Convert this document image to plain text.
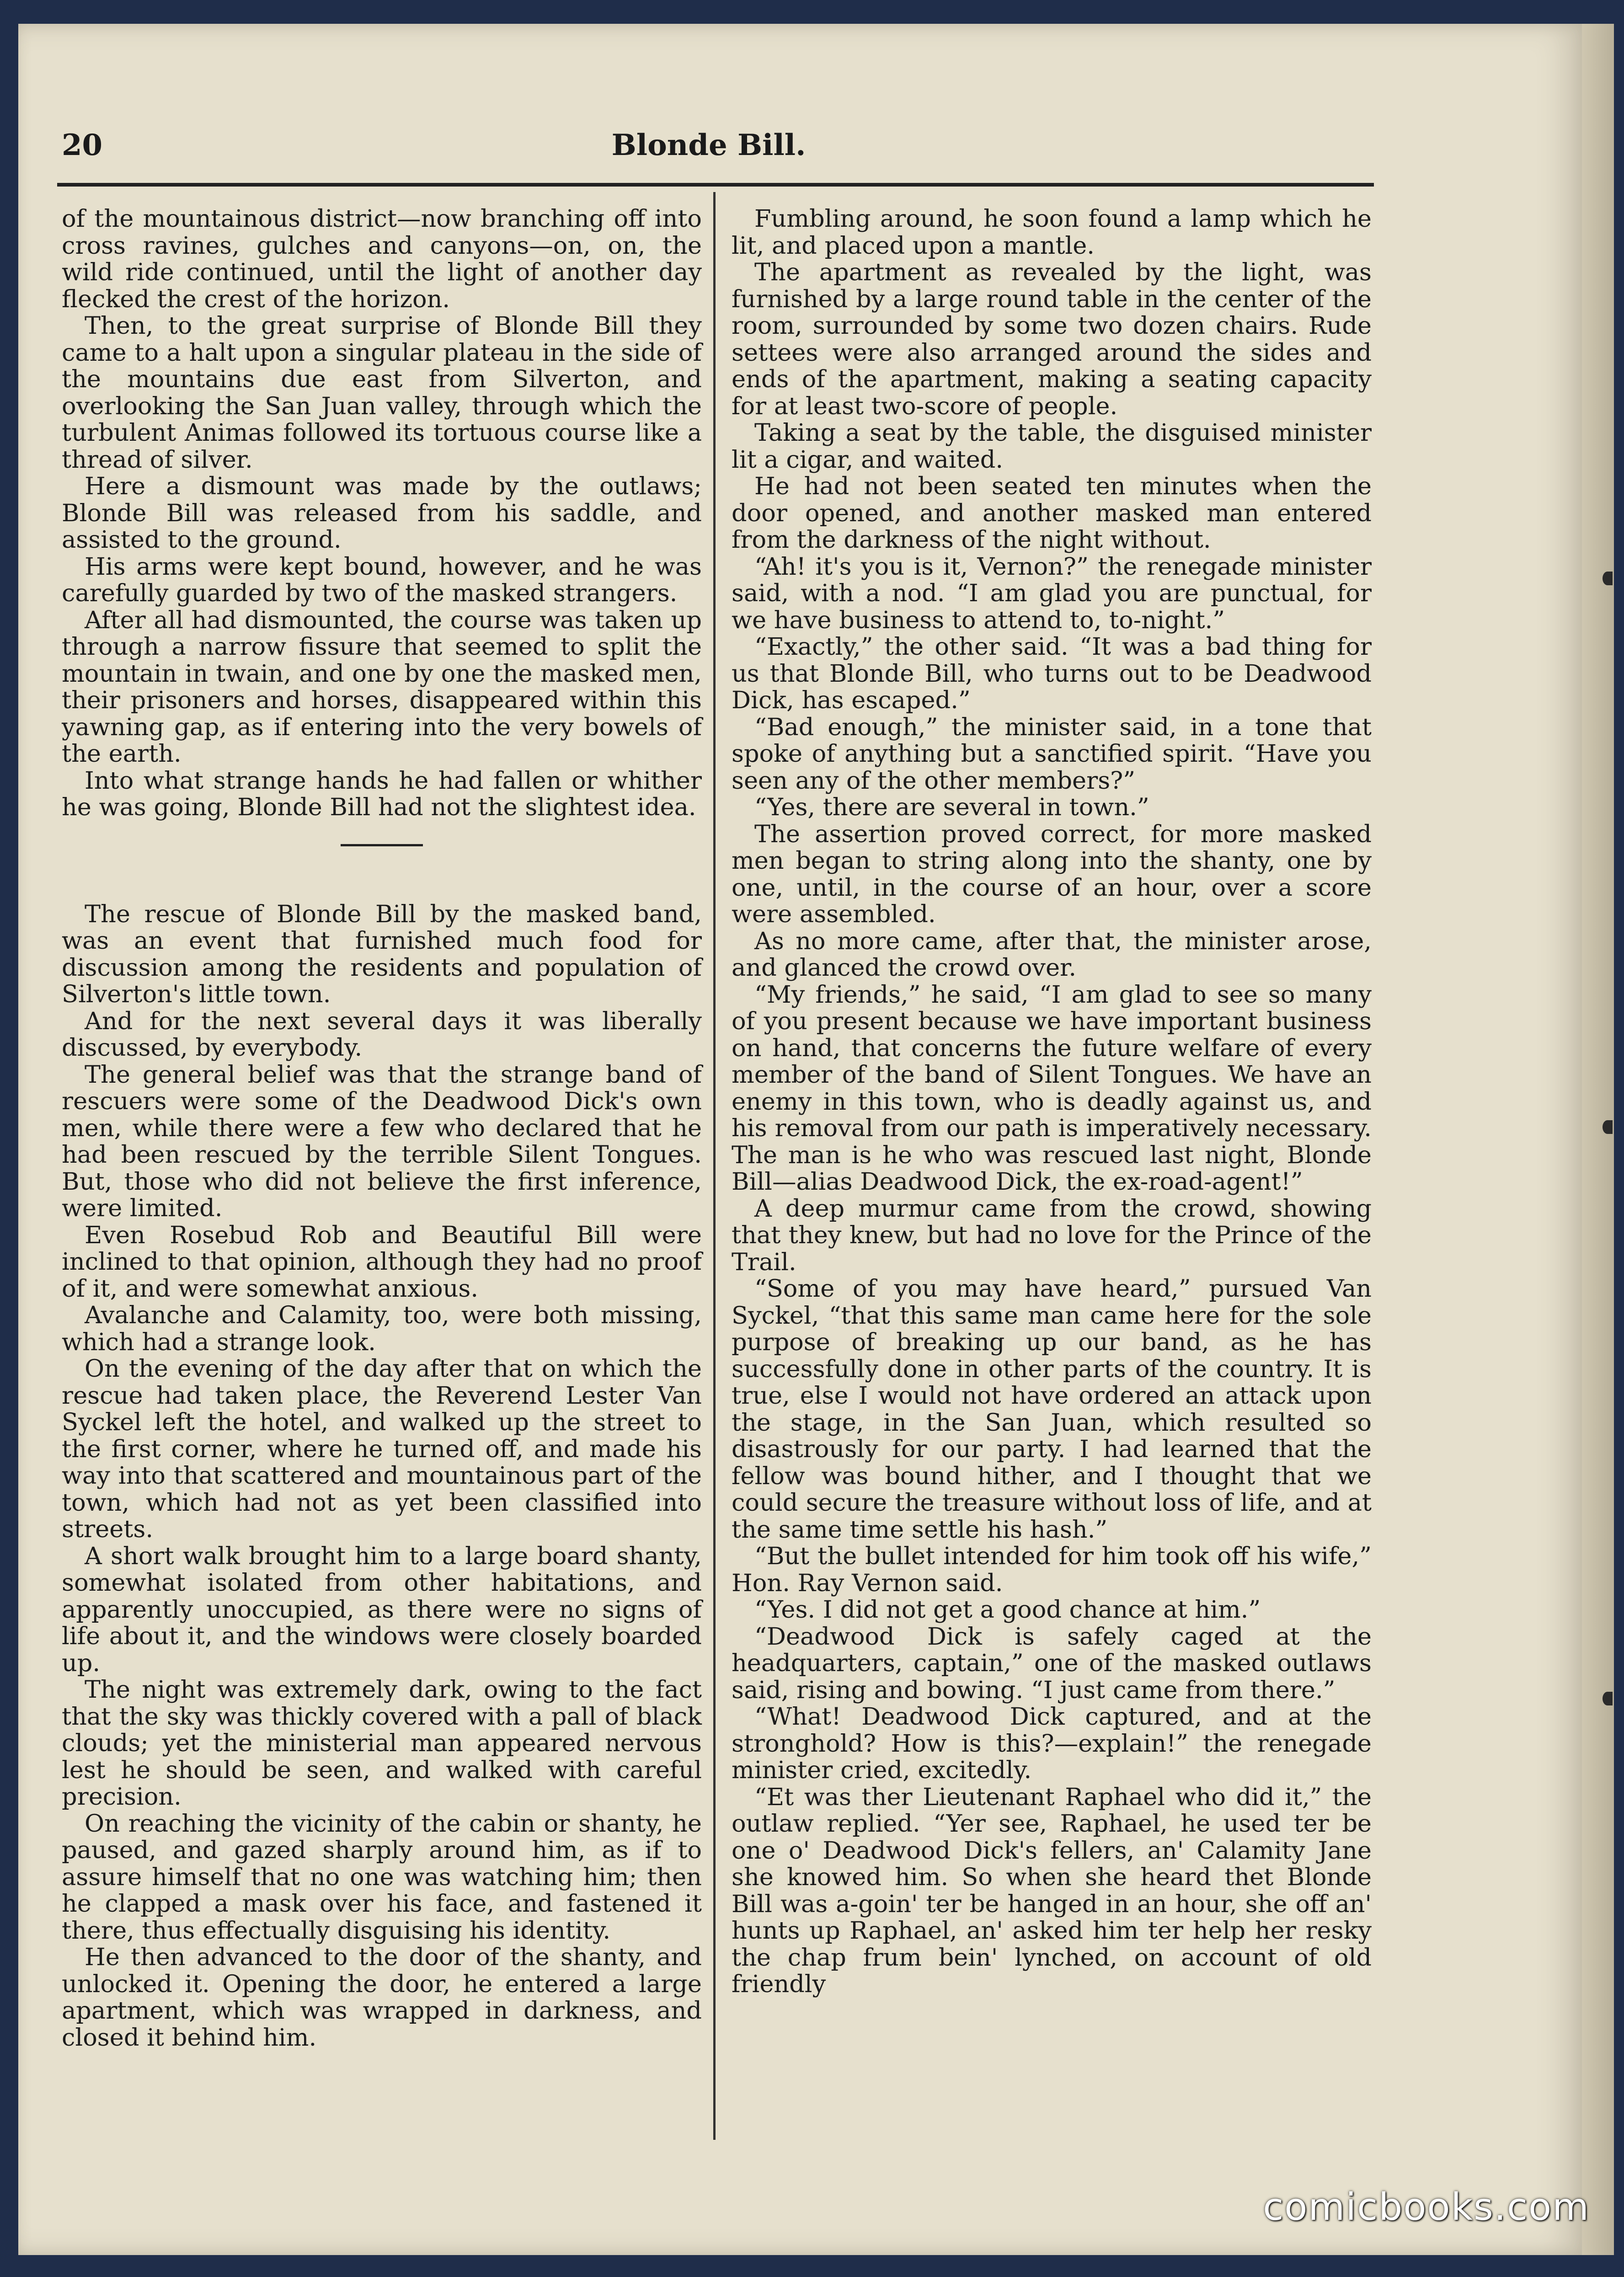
20	Blonde Bill.

of the mountainous district—now branching off into cross ravines, gulches and canyons—on, on, the wild ride continued, until the light of another day flecked the crest of the horizon.

Then, to the great surprise of Blonde Bill they came to a halt upon a singular plateau in the side of the mountains due east from Silverton, and overlooking the San Juan valley, through which the turbulent Animas followed its tortuous course like a thread of silver.

Here a dismount was made by the outlaws; Blonde Bill was released from his saddle, and assisted to the ground.

His arms were kept bound, however, and he was carefully guarded by two of the masked strangers.

After all had dismounted, the course was taken up through a narrow fissure that seemed to split the mountain in twain, and one by one the masked men, their prisoners and horses, disappeared within this yawning gap, as if entering into the very bowels of the earth.

Into what strange hands he had fallen or whither he was going, Blonde Bill had not the slightest idea.

The rescue of Blonde Bill by the masked band, was an event that furnished much food for discussion among the residents and population of Silverton's little town.

And for the next several days it was liberally discussed, by everybody.

The general belief was that the strange band of rescuers were some of the Deadwood Dick's own men, while there were a few who declared that he had been rescued by the terrible Silent Tongues. But, those who did not believe the first inference, were limited.

Even Rosebud Rob and Beautiful Bill were inclined to that opinion, although they had no proof of it, and were somewhat anxious.

Avalanche and Calamity, too, were both missing, which had a strange look.

On the evening of the day after that on which the rescue had taken place, the Reverend Lester Van Syckel left the hotel, and walked up the street to the first corner, where he turned off, and made his way into that scattered and mountainous part of the town, which had not as yet been classified into streets.

A short walk brought him to a large board shanty, somewhat isolated from other habitations, and apparently unoccupied, as there were no signs of life about it, and the windows were closely boarded up.

The night was extremely dark, owing to the fact that the sky was thickly covered with a pall of black clouds; yet the ministerial man appeared nervous lest he should be seen, and walked with careful precision.

On reaching the vicinity of the cabin or shanty, he paused, and gazed sharply around him, as if to assure himself that no one was watching him; then he clapped a mask over his face, and fastened it there, thus effectually disguising his identity.

He then advanced to the door of the shanty, and unlocked it. Opening the door, he entered a large apartment, which was wrapped in darkness, and closed it behind him.

Fumbling around, he soon found a lamp which he lit, and placed upon a mantle.

The apartment as revealed by the light, was furnished by a large round table in the center of the room, surrounded by some two dozen chairs. Rude settees were also arranged around the sides and ends of the apartment, making a seating capacity for at least two-score of people.

Taking a seat by the table, the disguised minister lit a cigar, and waited.

He had not been seated ten minutes when the door opened, and another masked man entered from the darkness of the night without.

“Ah! it's you is it, Vernon?” the renegade minister said, with a nod. “I am glad you are punctual, for we have business to attend to, to-night.”

“Exactly,” the other said. “It was a bad thing for us that Blonde Bill, who turns out to be Deadwood Dick, has escaped.”

“Bad enough,” the minister said, in a tone that spoke of anything but a sanctified spirit. “Have you seen any of the other members?”

“Yes, there are several in town.”

The assertion proved correct, for more masked men began to string along into the shanty, one by one, until, in the course of an hour, over a score were assembled.

As no more came, after that, the minister arose, and glanced the crowd over.

“My friends,” he said, “I am glad to see so many of you present because we have important business on hand, that concerns the future welfare of every member of the band of Silent Tongues. We have an enemy in this town, who is deadly against us, and his removal from our path is imperatively necessary. The man is he who was rescued last night, Blonde Bill—alias Deadwood Dick, the ex-road-agent!”

A deep murmur came from the crowd, showing that they knew, but had no love for the Prince of the Trail.

“Some of you may have heard,” pursued Van Syckel, “that this same man came here for the sole purpose of breaking up our band, as he has successfully done in other parts of the country. It is true, else I would not have ordered an attack upon the stage, in the San Juan, which resulted so disastrously for our party. I had learned that the fellow was bound hither, and I thought that we could secure the treasure without loss of life, and at the same time settle his hash.”

“But the bullet intended for him took off his wife,” Hon. Ray Vernon said.

“Yes. I did not get a good chance at him.”

“Deadwood Dick is safely caged at the headquarters, captain,” one of the masked outlaws said, rising and bowing. “I just came from there.”

“What! Deadwood Dick captured, and at the stronghold? How is this?—explain!” the renegade minister cried, excitedly.

“Et was ther Lieutenant Raphael who did it,” the outlaw replied. “Yer see, Raphael, he used ter be one o' Deadwood Dick's fellers, an' Calamity Jane she knowed him. So when she heard thet Blonde Bill was a-goin' ter be hanged in an hour, she off an' hunts up Raphael, an' asked him ter help her resky the chap frum bein' lynched, on account of old friendly

comicbooks.com
